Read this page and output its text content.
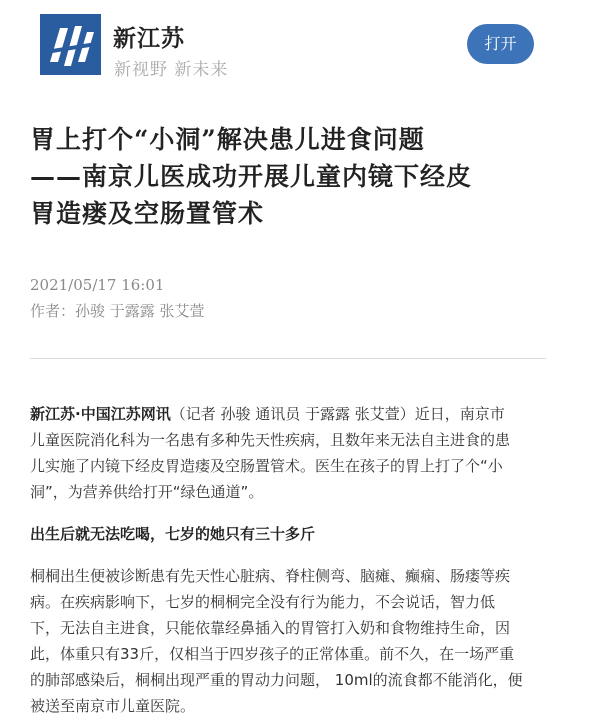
新江苏
新视野 新未来
打开
胃上打个“小洞”解决患儿进食问题
——南京儿医成功开展儿童内镜下经皮
胃造瘘及空肠置管术
2021/05/17 16:01
作者：孙骏 于露露 张艾萱
新江苏·中国江苏网讯（记者 孙骏 通讯员 于露露 张艾萱）近日，南京市
儿童医院消化科为一名患有多种先天性疾病，且数年来无法自主进食的患
儿实施了内镜下经皮胃造瘘及空肠置管术。医生在孩子的胃上打了个“小
洞”，为营养供给打开“绿色通道”。
出生后就无法吃喝，七岁的她只有三十多斤
桐桐出生便被诊断患有先天性心脏病、脊柱侧弯、脑瘫、癫痫、肠瘘等疾
病。在疾病影响下，七岁的桐桐完全没有行为能力，不会说话，智力低
下，无法自主进食，只能依靠经鼻插入的胃管打入奶和食物维持生命，因
此，体重只有33斤，仅相当于四岁孩子的正常体重。前不久，在一场严重
的肺部感染后，桐桐出现严重的胃动力问题， 10ml的流食都不能消化，便
被送至南京市儿童医院。
